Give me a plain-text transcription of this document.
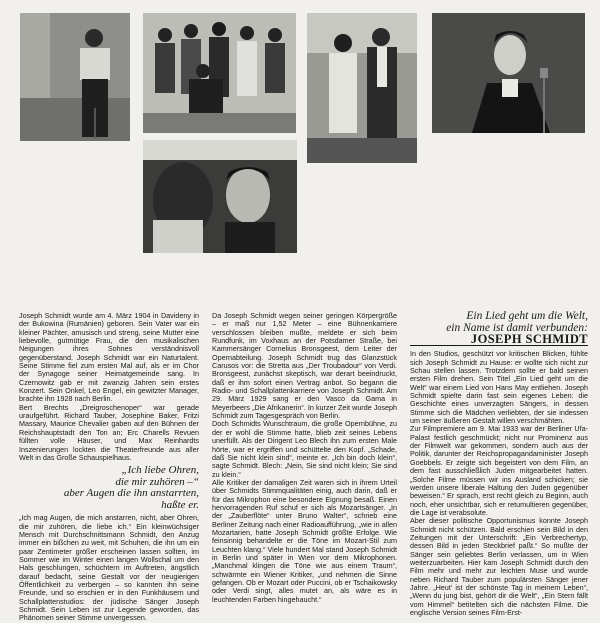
Joseph Schmidt wurde am 4. März 1904 in Davideny in der Bukowina (Rumänien) geboren. Sein Vater war ein kleiner Pächter, amusisch und streng, seine Mutter eine liebevolle, gutmütige Frau, die den musikalischen Neigungen ihres Sohnes verständnisvoll gegenüberstand. Joseph Schmidt war ein Naturtalent. Seine Stimme fiel zum ersten Mal auf, als er im Chor der Synagoge seiner Heimatgemeinde sang. In Czernowitz gab er mit zwanzig Jahren sein erstes Konzert. Sein Onkel, Leo Engel, ein gewitzter Manager, brachte ihn 1928 nach Berlin.

Bert Brechts „Dreigroschenoper“ war gerade uraufgeführt. Richard Tauber, Josephine Baker, Fritzi Massary, Maurice Chevalier gaben auf den Bühnen der Reichshauptstadt den Ton an; Erc Charells Revuen füllten volle Häuser, und Max Reinhardts Inszenierungen lockten die Theaterfreunde aus aller Welt in das Große Schauspielhaus.

„Ich liebe Ohren,
die mir zuhören –“
aber Augen die ihn anstarrten,
haßte er.

„Ich mag Augen, die mich anstarren, nicht, aber Ohren, die mir zuhören, die liebe ich.“ Ein kleinwüchsiger Mensch mit Durchschnittsmann Schmidt, den Anzug immer ein bißchen zu weit, mit Schuhen, die ihn um ein paar Zentimeter größer erscheinen lassen sollten, im Sommer wie im Winter einen langen Wollschal um den Hals geschlungen, schüchtern im Auftreten, ängstlich darauf bedacht, seine Gestalt vor der neugierigen Öffentlichkeit zu verbergen – so kannten ihn seine Freunde, und so erschien er in den Funkhäusern und Schallplattenstudios: der jüdische Sänger Joseph Schmidt. Sein Leben ist zur Legende geworden, das Phänomen seiner Stimme unvergessen.

Da Joseph Schmidt wegen seiner geringen Körpergröße – er maß nur 1,52 Meter – eine Bühnenkarriere verschlossen bleiben mußte, meldete er sich beim Rundfunk, im Voxhaus an der Potsdamer Straße, bei Kammersänger Cornelius Bronsgeest, dem Leiter der Opernabteilung. Joseph Schmidt trug das Glanzstück Carusos vor: die Stretta aus „Der Troubadour“ von Verdi. Bronsgeest, zunächst skeptisch, war derart beeindruckt, daß er ihm sofort einen Vertrag anbot. So begann die Radio- und Schallplattenkarriere von Joseph Schmidt. Am 29. März 1929 sang er den Vasco da Gama in Meyerbeers „Die Afrikanerin“. In kurzer Zeit wurde Joseph Schmidt zum Tagesgespräch von Berlin.

Doch Schmidts Wunschtraum, die große Opernbühne, zu der er wohl die Stimme hatte, blieb zeit seines Lebens unerfüllt. Als der Dirigent Leo Blech ihn zum ersten Male hörte, war er ergriffen und schüttelte den Kopf. „Schade, daß Sie nicht klein sind“, meinte er. „Ich bin doch klein“, sagte Schmidt. Blech: „Nein, Sie sind nicht klein; Sie sind zu klein.“

Alle Kritiker der damaligen Zeit waren sich in ihrem Urteil über Schmidts Stimmqualitäten einig, auch darin, daß er für das Mikrophon eine besondere Eignung besaß. Einen hervorragenden Ruf schuf er sich als Mozartsänger. „In der „Zauberflöte“ unter Bruno Walter“, schrieb eine Berliner Zeitung nach einer Radioaufführung, „wie in allen Mozartarien, hatte Joseph Schmidt größte Erfolge. Wie feinsinnig behandelte er die Töne im Mozart-Stil zum Leuchten klang.“ Viele hundert Mal stand Joseph Schmidt in Berlin und später in Wien vor dem Mikrophonen. „Manchmal klingen die Töne wie aus einem Traum“, schwärmte ein Wiener Kritiker, „und nehmen die Sinne gefangen. Ob er Mozart oder Puccini, ob er Tschaikowsky oder Verdi singt, alles mutet an, als wäre es in leuchtenden Farben hingehaucht.“

Ein Lied geht um die Welt,
ein Name ist damit verbunden:
JOSEPH SCHMIDT

In den Studios, geschützt vor kritischen Blicken, fühlte sich Joseph Schmidt zu Hause: er wollte sich nicht zur Schau stellen lassen. Trotzdem sollte er bald seinen ersten Film drehen. Sein Titel „Ein Lied geht um die Welt“ war einem Lied von Hans May entliehen. Joseph Schmidt spielte darin fast sein eigenes Leben: die Geschichte eines unverzagten Sängers, in dessen Stimme sich die Mädchen verliebten, der sie indessen um seiner äußeren Gestalt willen verschmähten.

Zur Filmpremiere am 9. Mai 1933 war der Berliner Ufa-Palast festlich geschmückt; nicht nur Prominenz aus der Filmwelt war gekommen, sondern auch aus der Politik, darunter der Reichspropagandaminister Joseph Goebbels. Er zeigte sich begeistert von dem Film, an dem fast ausschließlich Juden mitgearbeitet hatten. „Solche Filme müssen wir ins Ausland schicken; sie werden unsere liberale Haltung den Juden gegenüber beweisen.“ Er sprach, erst recht gleich zu Beginn, auch noch, eher unsichtbar, sich er retumultieren gegenüber, die Lage ist verabsolute.

Aber dieser politische Opportunismus konnte Joseph Schmidt nicht schützen. Bald erschien sein Bild in den Zeitungen mit der Unterschrift: „Ein Verbrechertyp, dessen Bild in jeden Steckbrief paßt.“ So mußte der Sänger sein geliebtes Berlin verlassen, um in Wien weiterzuarbeiten. Hier kam Joseph Schmidt durch den Film mehr und mehr zur leichten Muse und wurde neben Richard Tauber zum populärsten Sänger jener Jahre. „Heut’ ist der schönste Tag in meinem Leben“, „Wenn du jung bist, gehört dir die Welt“, „Ein Stern fällt vom Himmel“ betitelten sich die nächsten Filme. Die englische Version seines Film-Erst-
